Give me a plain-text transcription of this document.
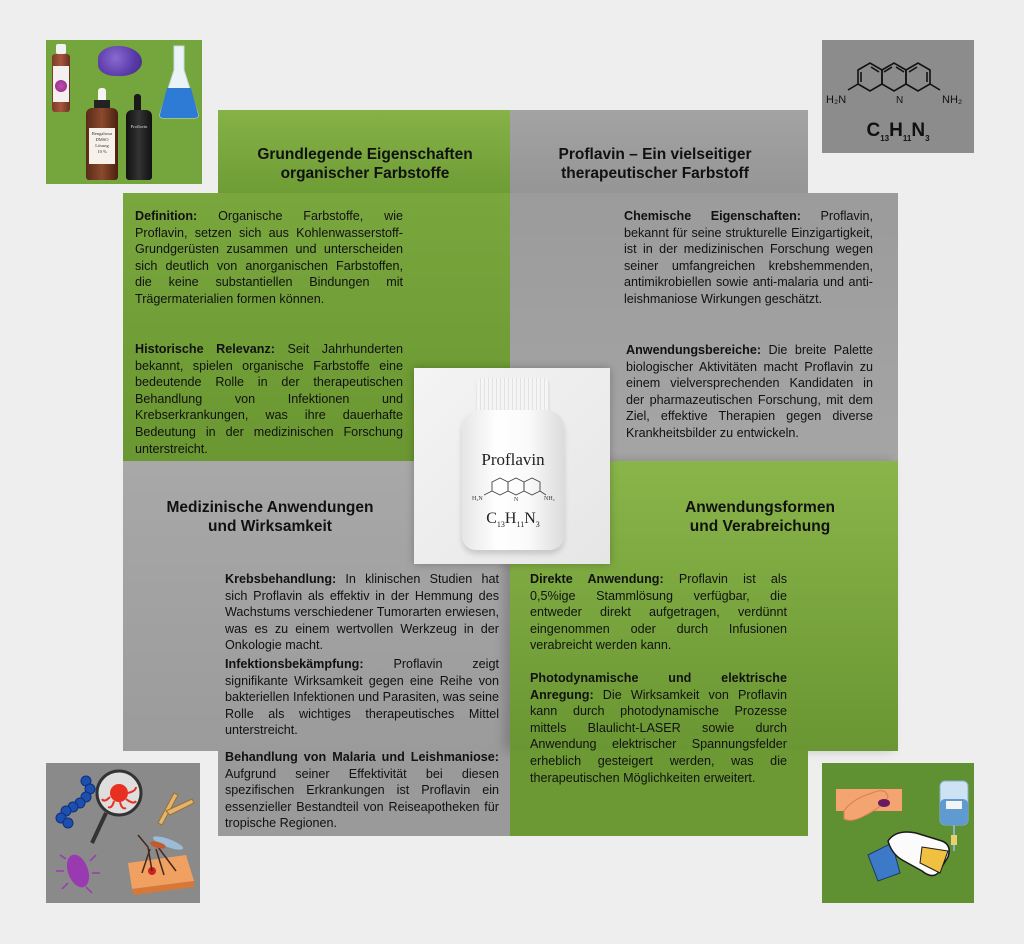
Grundlegende Eigenschaften
organischer Farbstoffe
Proflavin – Ein vielseitiger
therapeutischer Farbstoff
Medizinische Anwendungen
und Wirksamkeit
Anwendungsformen
und Verabreichung
Definition: Organische Farbstoffe, wie Proflavin, setzen sich aus Kohlenwasserstoff-Grundgerüsten zusammen und unterscheiden sich deutlich von anorganischen Farbstoffen, die keine substantiellen Bindungen mit Trägermaterialien formen können.
Historische Relevanz: Seit Jahrhunderten bekannt, spielen organische Farbstoffe eine bedeutende Rolle in der therapeutischen Behandlung von Infektionen und Krebserkrankungen, was ihre dauerhafte Bedeutung in der medizinischen Forschung unterstreicht.
Chemische Eigenschaften: Proflavin, bekannt für seine strukturelle Einzigartigkeit, ist in der medizinischen Forschung wegen seiner umfangreichen krebshemmenden, antimikrobiellen sowie anti-malaria und anti-leishmaniose Wirkungen geschätzt.
Anwendungsbereiche: Die breite Palette biologischer Aktivitäten macht Proflavin zu einem vielversprechenden Kandidaten in der pharmazeutischen Forschung, mit dem Ziel, effektive Therapien gegen diverse Krankheitsbilder zu entwickeln.
Krebsbehandlung: In klinischen Studien hat sich Proflavin als effektiv in der Hemmung des Wachstums verschiedener Tumorarten erwiesen, was es zu einem wertvollen Werkzeug in der Onkologie macht.
Infektionsbekämpfung: Proflavin zeigt signifikante Wirksamkeit gegen eine Reihe von bakteriellen Infektionen und Parasiten, was seine Rolle als wichtiges therapeutisches Mittel unterstreicht.
Behandlung von Malaria und Leishmaniose: Aufgrund seiner Effektivität bei diesen spezifischen Erkrankungen ist Proflavin ein essenzieller Bestandteil von Reiseapotheken für tropische Regionen.
Direkte Anwendung: Proflavin ist als 0,5%ige Stammlösung verfügbar, die entweder direkt aufgetragen, verdünnt eingenommen oder durch Infusionen verabreicht werden kann.
Photodynamische und elektrische Anregung: Die Wirksamkeit von Proflavin kann durch photodynamische Prozesse mittels Blaulicht-LASER sowie durch Anwendung elektrischer Spannungsfelder erheblich gesteigert werden, was die therapeutischen Möglichkeiten erweitert.
Proflavin
H₂N	NH₂
N
$C_{13}H_{11}N_3$
Bengalrosa
DMSO
Lösung
10 %
Proflavin
H₂N	NH₂
N
$C_{13}H_{11}N_3$
